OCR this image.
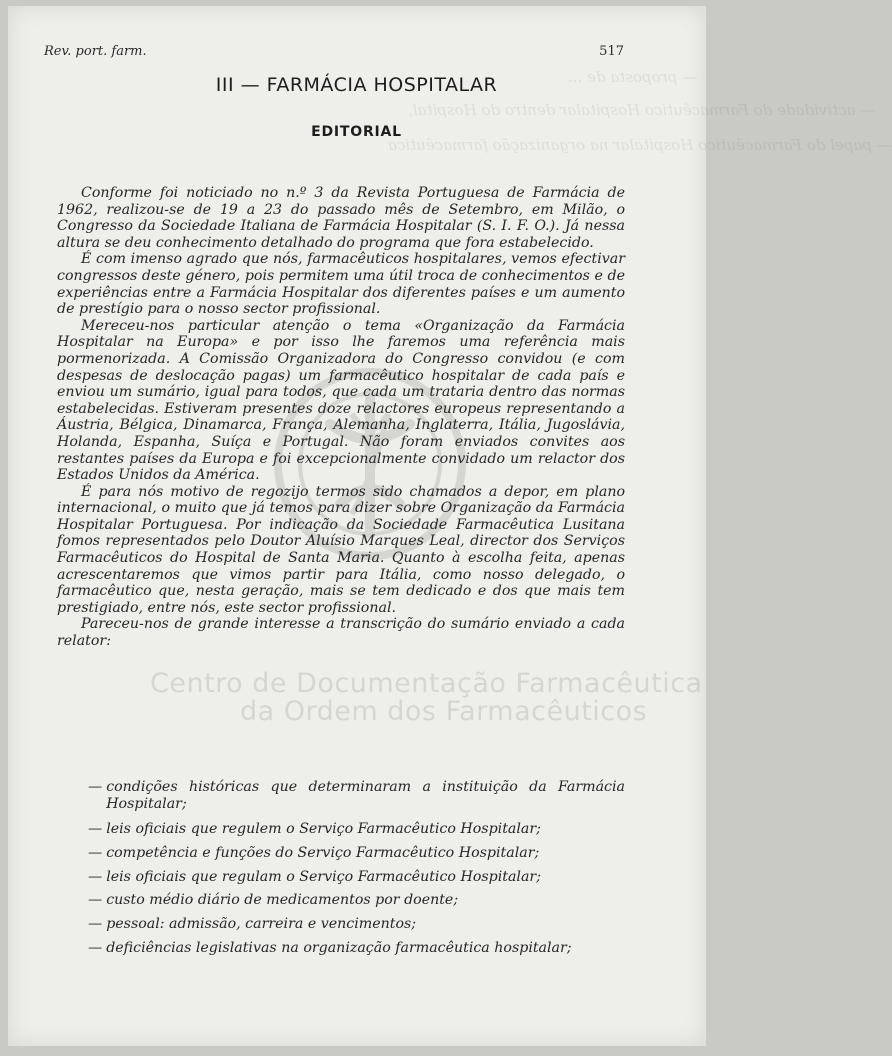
— proposta de ...
— actividade do Farmacêutico Hospitalar dentro do Hospital,
— papel do Farmacêutico Hospitalar na organização farmacêutica
Centro de Documentação Farmacêutica
da Ordem dos Farmacêuticos
Rev. port. farm.	517
III — FARMÁCIA HOSPITALAR
EDITORIAL

Conforme foi noticiado no n.º 3 da Revista Portuguesa de Farmácia de 1962, realizou-se de 19 a 23 do passado mês de Setembro, em Milão, o Congresso da Sociedade Italiana de Farmácia Hospitalar (S. I. F. O.). Já nessa altura se deu conhecimento detalhado do programa que fora estabelecido.

É com imenso agrado que nós, farmacêuticos hospitalares, vemos efectivar congressos deste género, pois permitem uma útil troca de conhecimentos e de experiências entre a Farmácia Hospitalar dos diferentes países e um aumento de prestígio para o nosso sector profissional.

Mereceu-nos particular atenção o tema «Organização da Farmácia Hospitalar na Europa» e por isso lhe faremos uma referência mais pormenorizada. A Comissão Organizadora do Congresso convidou (e com despesas de deslocação pagas) um farmacêutico hospitalar de cada país e enviou um sumário, igual para todos, que cada um trataria dentro das normas estabelecidas. Estiveram presentes doze relactores europeus representando a Áustria, Bélgica, Dinamarca, França, Alemanha, Inglaterra, Itália, Jugoslávia, Holanda, Espanha, Suíça e Portugal. Não foram enviados convites aos restantes países da Europa e foi excepcionalmente convidado um relactor dos Estados Unidos da América.

É para nós motivo de regozijo termos sido chamados a depor, em plano internacional, o muito que já temos para dizer sobre Organização da Farmácia Hospitalar Portuguesa. Por indicação da Sociedade Farmacêutica Lusitana fomos representados pelo Doutor Aluísio Marques Leal, director dos Serviços Farmacêuticos do Hospital de Santa Maria. Quanto à escolha feita, apenas acrescentaremos que vimos partir para Itália, como nosso delegado, o farmacêutico que, nesta geração, mais se tem dedicado e dos que mais tem prestigiado, entre nós, este sector profissional.

Pareceu-nos de grande interesse a transcrição do sumário enviado a cada relator:

— condições históricas que determinaram a instituição da Farmácia Hospitalar;
— leis oficiais que regulem o Serviço Farmacêutico Hospitalar;
— competência e funções do Serviço Farmacêutico Hospitalar;
— leis oficiais que regulam o Serviço Farmacêutico Hospitalar;
— custo médio diário de medicamentos por doente;
— pessoal: admissão, carreira e vencimentos;
— deficiências legislativas na organização farmacêutica hospitalar;
